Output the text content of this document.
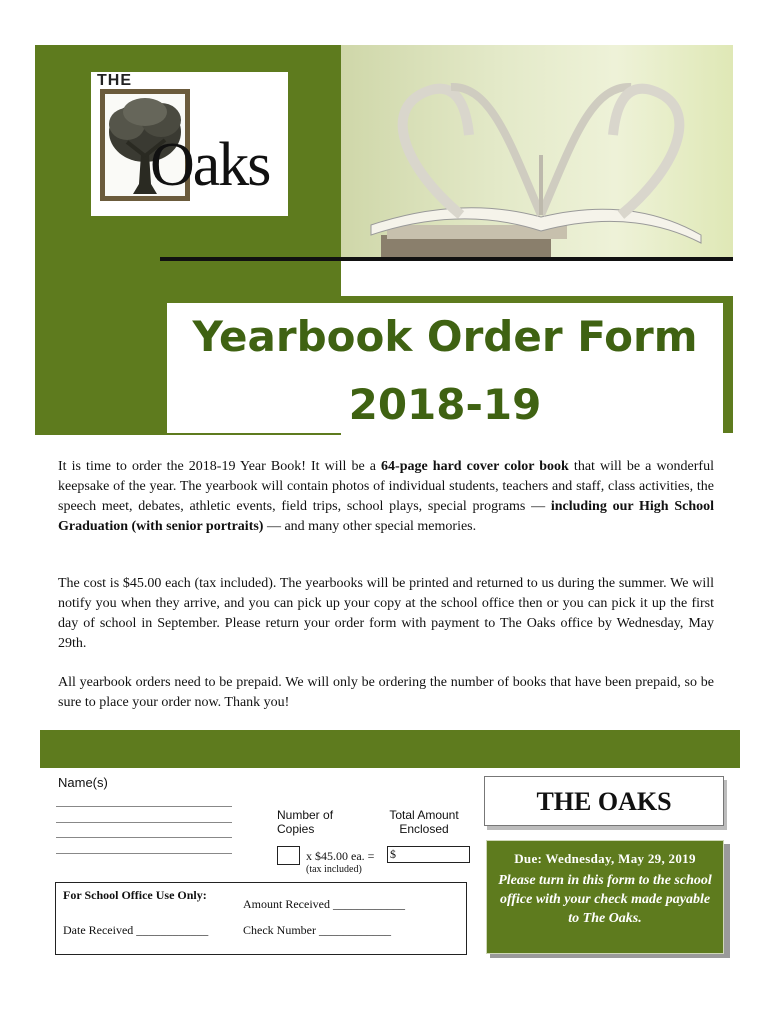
THE
Oaks
Yearbook Order Form
2018-19
It is time to order the 2018-19 Year Book! It will be a 64-page hard cover color book that will be a wonderful keepsake of the year. The yearbook will contain photos of individual students, teachers and staff, class activities, the speech meet, debates, athletic events, field trips, school plays, special programs — including our High School Graduation (with senior portraits) — and many other special memories.
The cost is $45.00 each (tax included). The yearbooks will be printed and returned to us during the summer. We will notify you when they arrive, and you can pick up your copy at the school office then or you can pick it up the first day of school in September. Please return your order form with payment to The Oaks office by Wednesday, May 29th.
All yearbook orders need to be prepaid. We will only be ordering the number of books that have been prepaid, so be sure to place your order now. Thank you!
Name(s)
Number of Copies
Total Amount Enclosed
x $45.00 ea. =
(tax included)
$
For School Office Use Only:
Amount Received ____________
Date Received ____________	Check Number ____________
THE OAKS
Due: Wednesday, May 29, 2019
Please turn in this form to the school office with your check made payable to The Oaks.
